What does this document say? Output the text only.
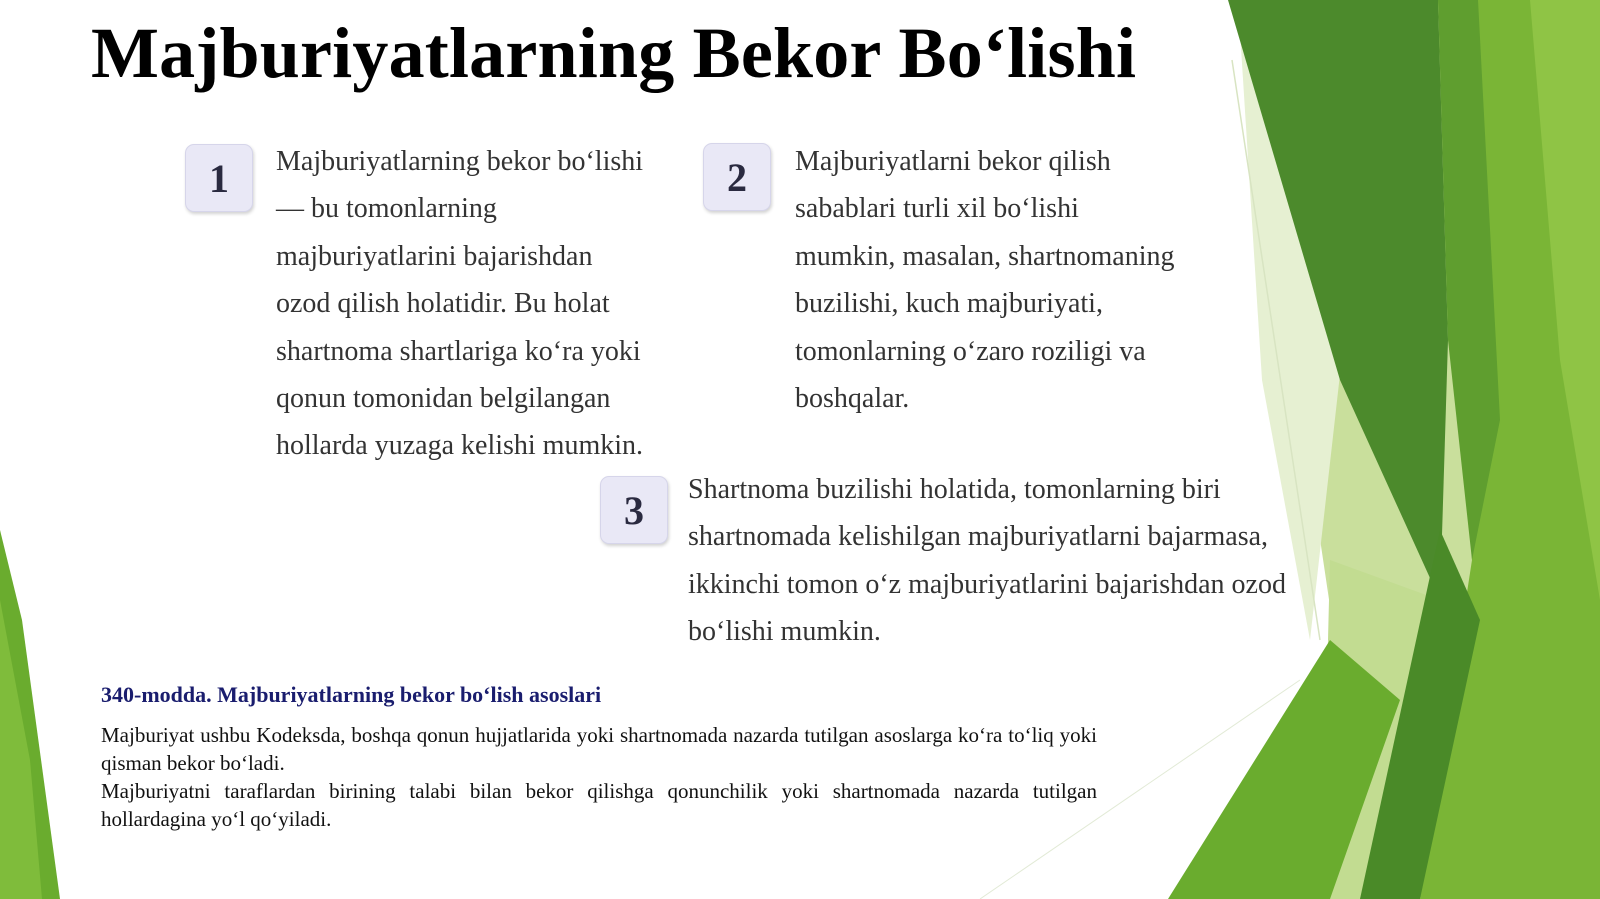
Majburiyatlarning Bekor Bo‘lishi
1	Majburiyatlarning bekor bo‘lishi — bu tomonlarning majburiyatlarini bajarishdan ozod qilish holatidir. Bu holat shartnoma shartlariga ko‘ra yoki qonun tomonidan belgilangan hollarda yuzaga kelishi mumkin.

2	Majburiyatlarni bekor qilish sabablari turli xil bo‘lishi mumkin, masalan, shartnomaning buzilishi, kuch majburiyati, tomonlarning o‘zaro roziligi va boshqalar.

3	Shartnoma buzilishi holatida, tomonlarning biri shartnomada kelishilgan majburiyatlarni bajarmasa, ikkinchi tomon o‘z majburiyatlarini bajarishdan ozod bo‘lishi mumkin.

340-modda. Majburiyatlarning bekor bo‘lish asoslari

Majburiyat ushbu Kodeksda, boshqa qonun hujjatlarida yoki shartnomada nazarda tutilgan asoslarga ko‘ra to‘liq yoki qisman bekor bo‘ladi.
Majburiyatni taraflardan birining talabi bilan bekor qilishga qonunchilik yoki shartnomada nazarda tutilgan hollardagina yo‘l qo‘yiladi.
